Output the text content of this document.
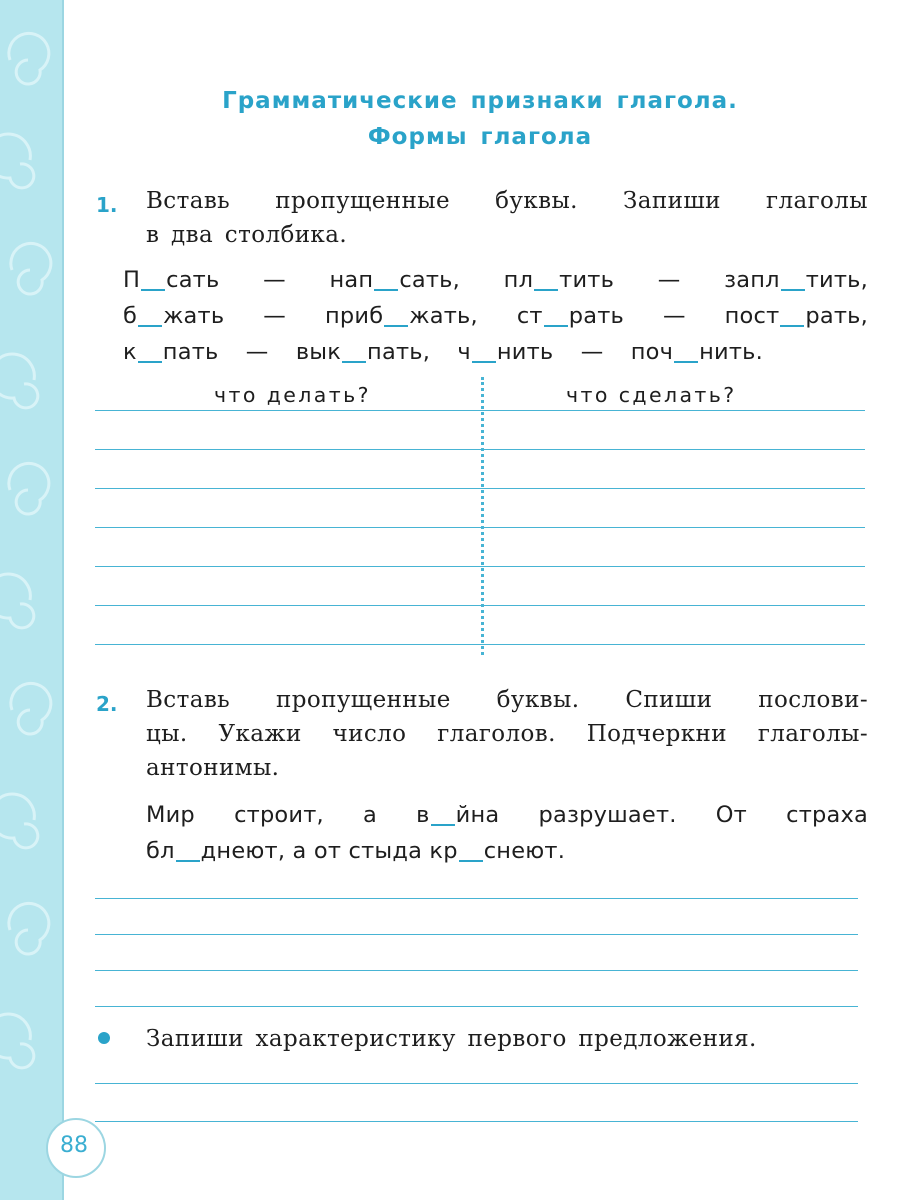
Грамматические признаки глагола.
Формы глагола
1. Вставь пропущенные буквы. Запиши глаголы
в два столбика.
П сать — нап сать, пл тить — запл тить,
б жать — приб жать, ст рать — пост рать,
к пать — вык пать, ч нить — поч нить.
что делать?	что сделать?
2. Вставь пропущенные буквы. Спиши послови-
цы. Укажи число глаголов. Подчеркни глаголы-
антонимы.
Мир строит, а в йна разрушает. От страха
бл днеют, а от стыда кр снеют.
Запиши характеристику первого предложения.
88
